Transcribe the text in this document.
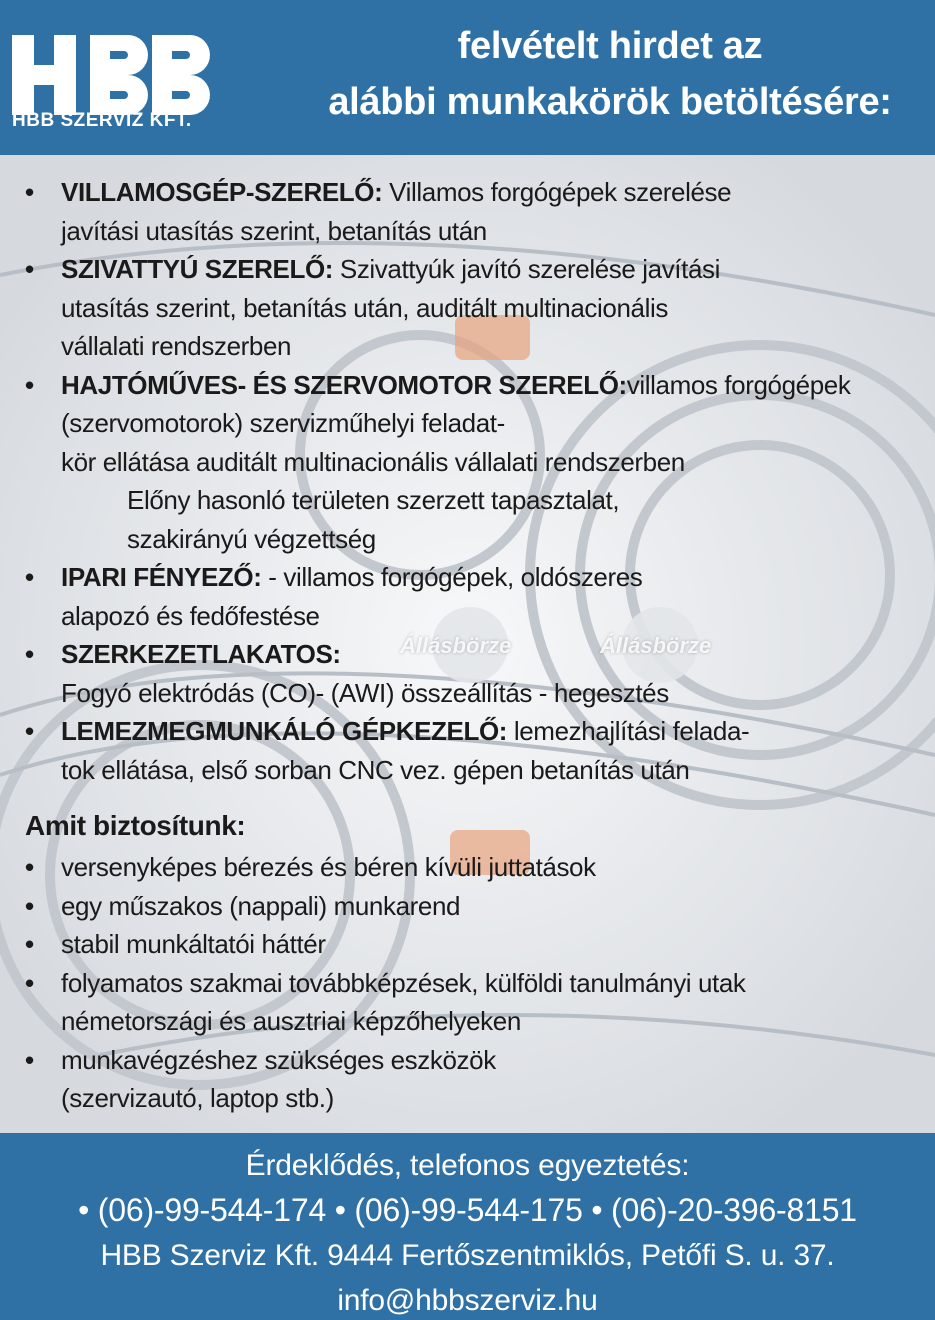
HBB SZERVIZ KFT.
felvételt hirdet az
alábbi munkakörök betöltésére:
• VILLAMOSGÉP-SZERELŐ: Villamos forgógépek szerelése
javítási utasítás szerint, betanítás után
• SZIVATTYÚ SZERELŐ: Szivattyúk javító szerelése javítási
utasítás szerint, betanítás után, auditált multinacionális
vállalati rendszerben
• HAJTÓMŰVES- ÉS SZERVOMOTOR SZERELŐ:villamos forgógépek (szervomotorok) szervizműhelyi feladat-
kör ellátása auditált multinacionális vállalati rendszerben
Előny hasonló területen szerzett tapasztalat,
szakirányú végzettség
• IPARI FÉNYEZŐ: - villamos forgógépek, oldószeres
alapozó és fedőfestése
• SZERKEZETLAKATOS:
Fogyó elektródás (CO)- (AWI) összeállítás - hegesztés
• LEMEZMEGMUNKÁLÓ GÉPKEZELŐ: lemezhajlítási felada-
tok ellátása, első sorban CNC vez. gépen betanítás után
Állásbörze	Állásbörze
Amit biztosítunk:
• versenyképes bérezés és béren kívüli juttatások
• egy műszakos (nappali) munkarend
• stabil munkáltatói háttér
• folyamatos szakmai továbbképzések, külföldi tanulmányi utak
németországi és ausztriai képzőhelyeken
• munkavégzéshez szükséges eszközök
(szervizautó, laptop stb.)
Érdeklődés, telefonos egyeztetés:
• (06)-99-544-174 • (06)-99-544-175 • (06)-20-396-8151
HBB Szerviz Kft. 9444 Fertőszentmiklós, Petőfi S. u. 37.
info@hbbszerviz.hu
